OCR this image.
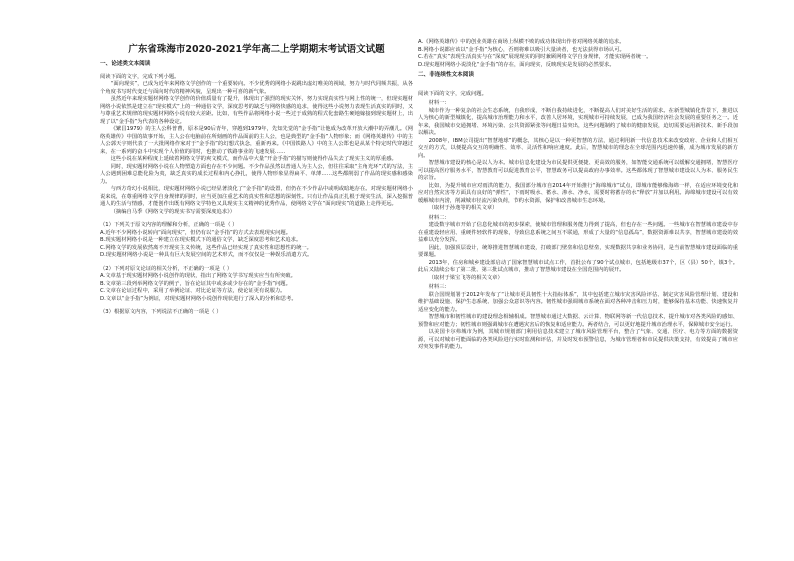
广东省珠海市2020-2021学年高二上学期期末考试语文试题
一、论述类文本阅读

阅读下面的文字，完成下列小题。

“面向现实”，已成为近年来网络文学创作的一个重要转向。不少优秀的网络小说跳出虚幻唯美的视域，努力与时代同频共振，从各个角度书写时代变迁与面向时代的精神风貌，呈现出一种可喜的新气象。

虽然近年来现实题材网络文学创作的价值质量有了提升，体现出了强烈的现实关怀，努力实现真实性与网上性的统一，但现实题材网络小说依然是建立在“现实模式”上的一种通俗文学，深度思考的缺乏与网络快感的追求，使得这些小说努力表现生活真实的同时，又与尊重艺术规律的现实题材网络小说有较大差距。比如，有些作品将网络小说一些过于成熟的程式化套路生硬地嫁接到现实题材上，出现了以“金手指”为代表的各种设定。

《繁昌1979》的主人公科普曹，原本是90后青年，穿越到1979年，先知先觉的“金手指”让他成为改革开放大潮中的弄潮儿。《网络英雄传》中国的故事开始，主人公在电脑前在所刻画的作品面前的主人公，也是典型的“金手指”人物形象；而《网络英雄传》中的主人公郭天宇则代表了一大批网络作家对于“金手指”的幻想式执念，重新再来。《中国铁路人》中的主人公郑也是从某个特定时代穿越过来，在一系列的奋斗中实现个人价值的同时，也推动了铁路事业的飞速发展……

这些小说在某种程度上延续着网络文学的爽文模式，而作品中大量“开金手指”的描写则使得作品失去了现实主义的厚重感。

同时，现实题材网络小说在人物塑造方面也存在不少问题。不少作品虽然以普通人为主人公，但往往采取“主角光环”式的写法，主人公遇到困难总能化险为夷，缺乏真实的成长过程和内心挣扎，使得人物形象显得扁平、单薄……这些都削弱了作品的现实感和感染力。

与西方奇幻小说相比，现实题材网络小说已经显著淡化了“金手指”的设置，但仍在不少作品中或明或暗地存在。对现实题材网络小说来说，在尊重网络文学自身规律的同时，应当更加注重艺术的真实性和思想的深刻性。只有让作品真正扎根于现实生活，深入挖掘普通人的生活与情感，才能创作出既有网络文学特色又具现实主义精神的优秀作品，使网络文学在“面向现实”的道路上走得更远。

（摘编自马季《网络文学的现实书写需要深度追求》）

（1）下列关于原文内容的理解和分析，正确的一项是（ ）

A.近年不少网络小说转向“面向现实”，但仍有以“金手指”的方式去表现现实问题。

B.现实题材网络小说是一种建立在现实模式下的通俗文学，缺乏深度思考和艺术追求。

C.网络文学的发展依然离不开现实主义传统，这些作品已经实现了真实性和思想性的统一。

D.现实题材网络小说是一种具有巨大发展空间的艺术形式，而不仅仅是一种娱乐消遣方式。

（2）下列对原文论证的相关分析，不正确的一项是（ ）

A.文章基于现实题材网络小说创作的现状，指出了网络文学书写现实应当有所突破。

B.文章第三段列举网络文学的例子，旨在论证其中或多或少存在的“金手指”问题。

C.文章在论证过程中，采用了举例论证、对比论证等方法，使论证更有说服力。

D.文章以“金手指”为例证，对现实题材网络小说创作现状进行了深入的分析和思考。

（3）根据原文内容，下列说法不正确的一项是（ ）

A.《网络英雄传》中的创业英雄在商场上纵横不败的成功体现出作者对网络英雄的追求。

B.网络小说都应该以“金手指”为核心，否则将难以吸引大量读者，也无法获得市场认可。

C.若在“真实”表现生活真实与在“深度”展现现实的同时兼顾网络文学自身规律，才能实现两者统一。

D.现实题材网络小说淡化“金手指”的存在，面向现实，反映现实是发展的必然要求。

二、非连续性文本阅读

阅读下面的文字，完成问题。

材料一：

城市作为一种复杂的社会生态系统，自我形成，不断自我持续进化，不断提高人们对美好生活的需求。在新型城镇化背景下，推进以人为核心的新型城镇化，提高城市治理能力和水平，改善人居环境，实现城市可持续发展，已成为我国经济社会发展的重要任务之一。近年来，我国城市交通拥堵、环境污染、公共资源紧张等问题日益突出，这些问题制约了城市的健康发展，迫切需要运用新技术、新手段加以解决。

2008年，IBM公司提出“智慧地球”的概念，其核心是以一种更智慧的方法，通过利用新一代信息技术来改变政府、企业和人们相互交互的方式，以便提高交互的明确性、效率、灵活性和响应速度。此后，智慧城市的理念在全球范围内迅速传播，成为城市发展的新方向。

智慧城市建设的核心是以人为本。城市信息化建设为市民提供更便捷、更高效的服务，如智能交通系统可以缓解交通拥堵，智慧医疗可以提高医疗服务水平，智慧教育可以促进教育公平，智慧政务可以提高政府办事效率。这些都体现了智慧城市建设以人为本、服务民生的宗旨。

比如，为提升城市应对雨洪的能力，我国部分城市自2014年开始推行“海绵城市”试点，即城市能够像海绵一样，在适应环境变化和应对自然灾害等方面具有良好的“弹性”，下雨时吸水、蓄水、渗水、净水，需要时将蓄存的水“释放”并加以利用。海绵城市建设可以有效缓解城市内涝，削减城市径流污染负荷，节约水资源，保护和改善城市生态环境。

（取材于孙逸等的相关文章）

材料二：

建设数字城市开始了信息化城市的初步探索，使城市管理和服务能力得到了提高，但也存在一些问题。一些城市在智慧城市建设中存在重建设轻应用、重硬件轻软件的现象，导致信息系统之间互不联通，形成了大量的“信息孤岛”，数据资源难以共享，智慧城市建设的效益难以充分发挥。

因此，加强顶层设计，统筹推进智慧城市建设，打破部门壁垒和信息壁垒，实现数据共享和业务协同，是当前智慧城市建设面临的重要课题。

2013年，住房和城乡建设部启动了国家智慧城市试点工作，首批公布了90个试点城市，包括地级市37个，区（县）50个，镇3个。此后又陆续公布了第二批、第三批试点城市，推动了智慧城市建设在全国范围内的展开。

（取材于梁宝飞等的相关文章）

材料三：

联合国规划署于2012年发布了“让城市更具韧性十大指标体系”，其中包括建立城市灾害风险评估、制定灾害风险管理计划、建设和维护基础设施、保护生态系统、加强公众意识等内容。韧性城市强调城市系统在面对各种冲击和压力时，能够保持基本功能、快速恢复并适应变化的能力。

智慧城市和韧性城市的建设理念相辅相成。智慧城市通过大数据、云计算、物联网等新一代信息技术，提升城市对各类风险的感知、预警和应对能力；韧性城市则强调城市在遭遇灾害后的恢复和适应能力。两者结合，可以更好地提升城市治理水平，保障城市安全运行。

以美国卡尔弗城市为例，其城市规划部门利用信息技术建立了城市风险管理平台，整合了气象、交通、医疗、电力等方面的数据资源，可以对城市可能面临的各类风险进行实时监测和评估，并及时发布预警信息，为城市管理者和市民提供决策支持，有效提高了城市应对突发事件的能力。
